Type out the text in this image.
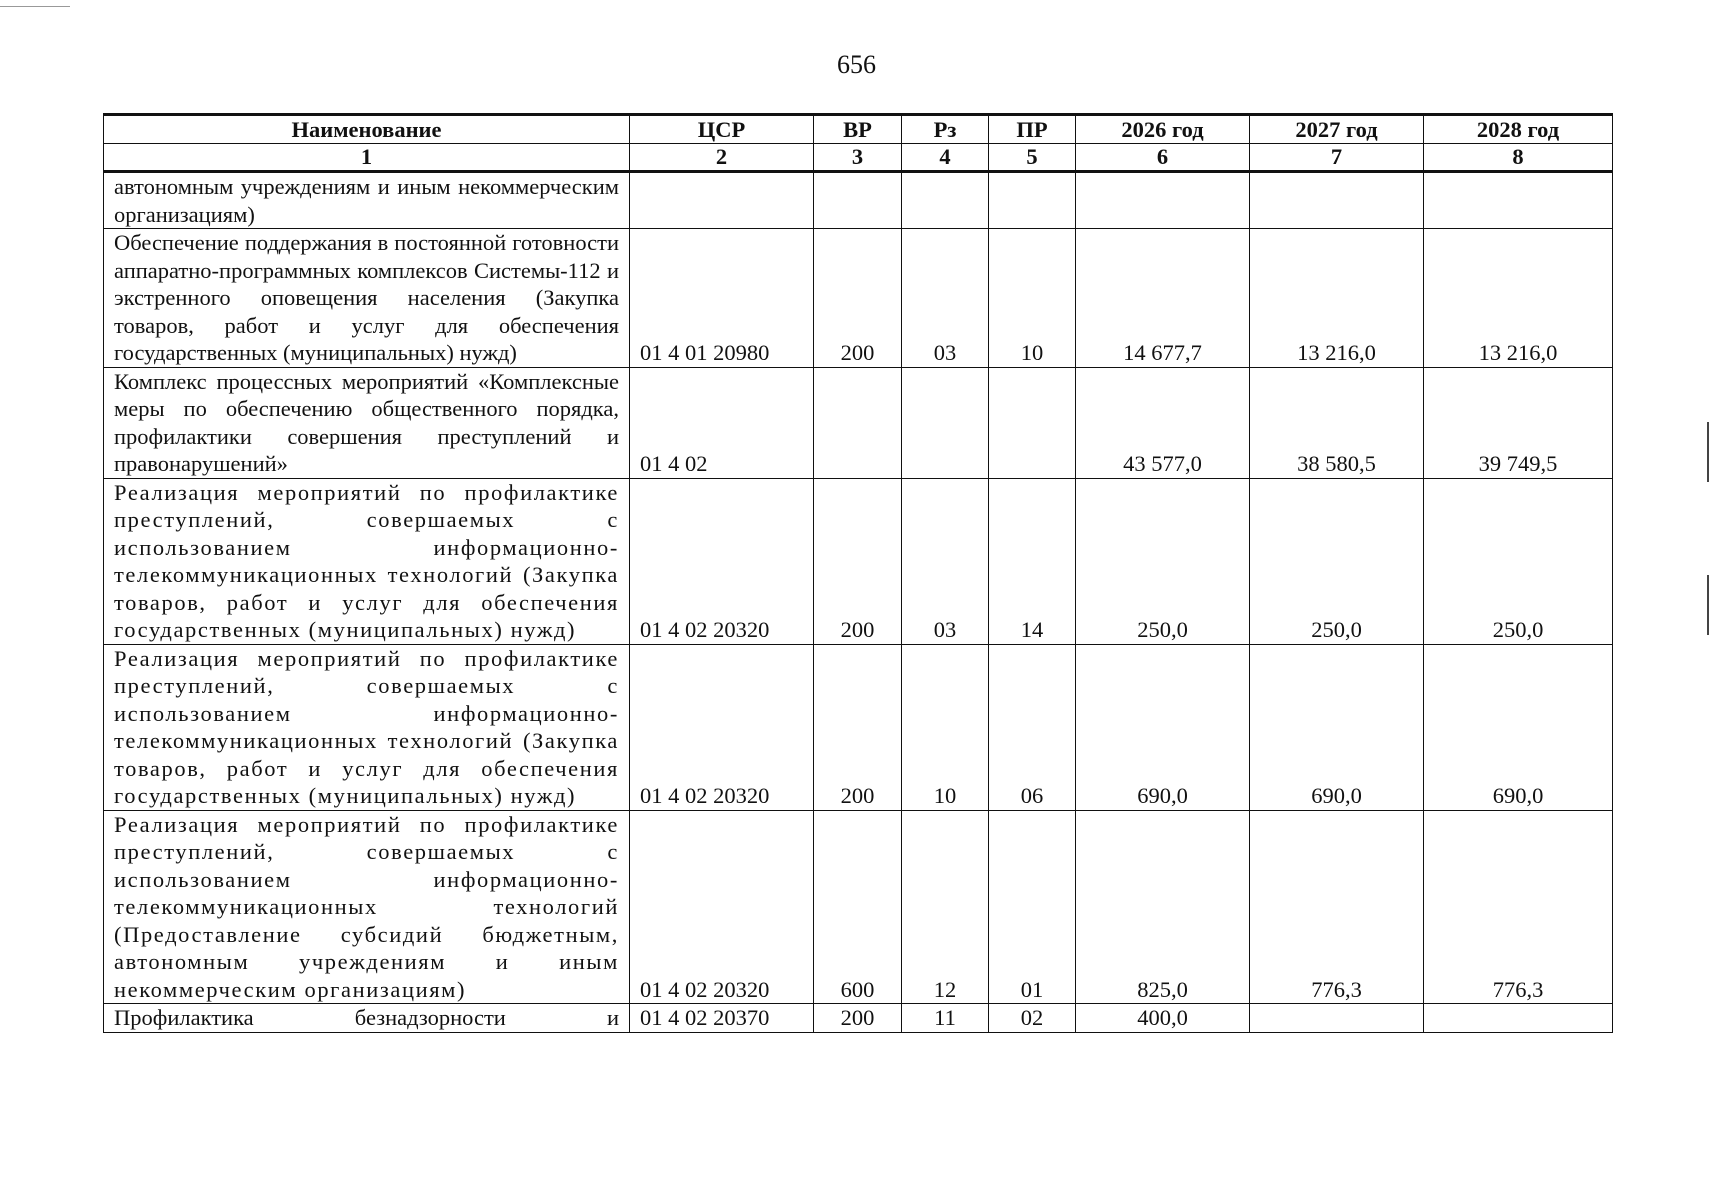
656
Наименование	ЦСР	ВР	Рз	ПР	2026 год	2027 год	2028 год
1	2	3	4	5	6	7	8
автономным учреждениям и иным некоммерческим организациям)							
Обеспечение поддержания в постоянной готовности аппаратно-программных комплексов Системы-112 и экстренного оповещения населения (Закупка товаров, работ и услуг для обеспечения государственных (муниципальных) нужд)	01 4 01 20980	200	03	10	14 677,7	13 216,0	13 216,0
Комплекс процессных мероприятий «Комплексные меры по обеспечению общественного порядка, профилактики совершения преступлений и правонарушений»	01 4 02				43 577,0	38 580,5	39 749,5
Реализация мероприятий по профилактике преступлений, совершаемых с использованием информационно-телекоммуникационных технологий (Закупка товаров, работ и услуг для обеспечения государственных (муниципальных) нужд)	01 4 02 20320	200	03	14	250,0	250,0	250,0
Реализация мероприятий по профилактике преступлений, совершаемых с использованием информационно-телекоммуникационных технологий (Закупка товаров, работ и услуг для обеспечения государственных (муниципальных) нужд)	01 4 02 20320	200	10	06	690,0	690,0	690,0
Реализация мероприятий по профилактике преступлений, совершаемых с использованием информационно-телекоммуникационных технологий (Предоставление субсидий бюджетным, автономным учреждениям и иным некоммерческим организациям)	01 4 02 20320	600	12	01	825,0	776,3	776,3
Профилактика безнадзорности и	01 4 02 20370	200	11	02	400,0		
